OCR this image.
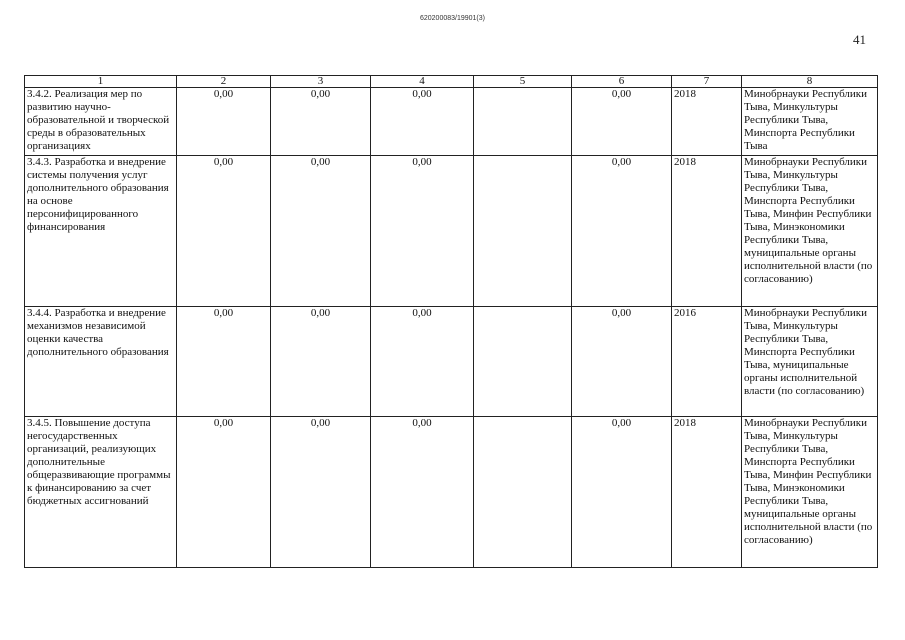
620200083/19901(3)
41
1	2	3	4	5	6	7	8
3.4.2. Реализация мер по развитию научно-образовательной и творческой среды в образовательных организациях	0,00	0,00	0,00		0,00	2018	Минобрнауки Республики Тыва, Минкультуры Республики Тыва, Минспорта Республики Тыва
3.4.3. Разработка и внедрение системы получения услуг дополнительного образования на основе персонифицированного финансирования	0,00	0,00	0,00		0,00	2018	Минобрнауки Республики Тыва, Минкультуры Республики Тыва, Минспорта Республики Тыва, Минфин Республики Тыва, Минэкономики Республики Тыва, муниципальные органы исполнительной власти (по согласованию)
3.4.4. Разработка и внедрение механизмов независимой оценки качества дополнительного образования	0,00	0,00	0,00		0,00	2016	Минобрнауки Республики Тыва, Минкультуры Республики Тыва, Минспорта Республики Тыва, муниципальные органы исполнительной власти (по согласованию)
3.4.5. Повышение доступа негосударственных организаций, реализующих дополнительные общеразвивающие программы к финансированию за счет бюджетных ассигнований	0,00	0,00	0,00		0,00	2018	Минобрнауки Республики Тыва, Минкультуры Республики Тыва, Минспорта Республики Тыва, Минфин Республики Тыва, Минэкономики Республики Тыва, муниципальные органы исполнительной власти (по согласованию)
